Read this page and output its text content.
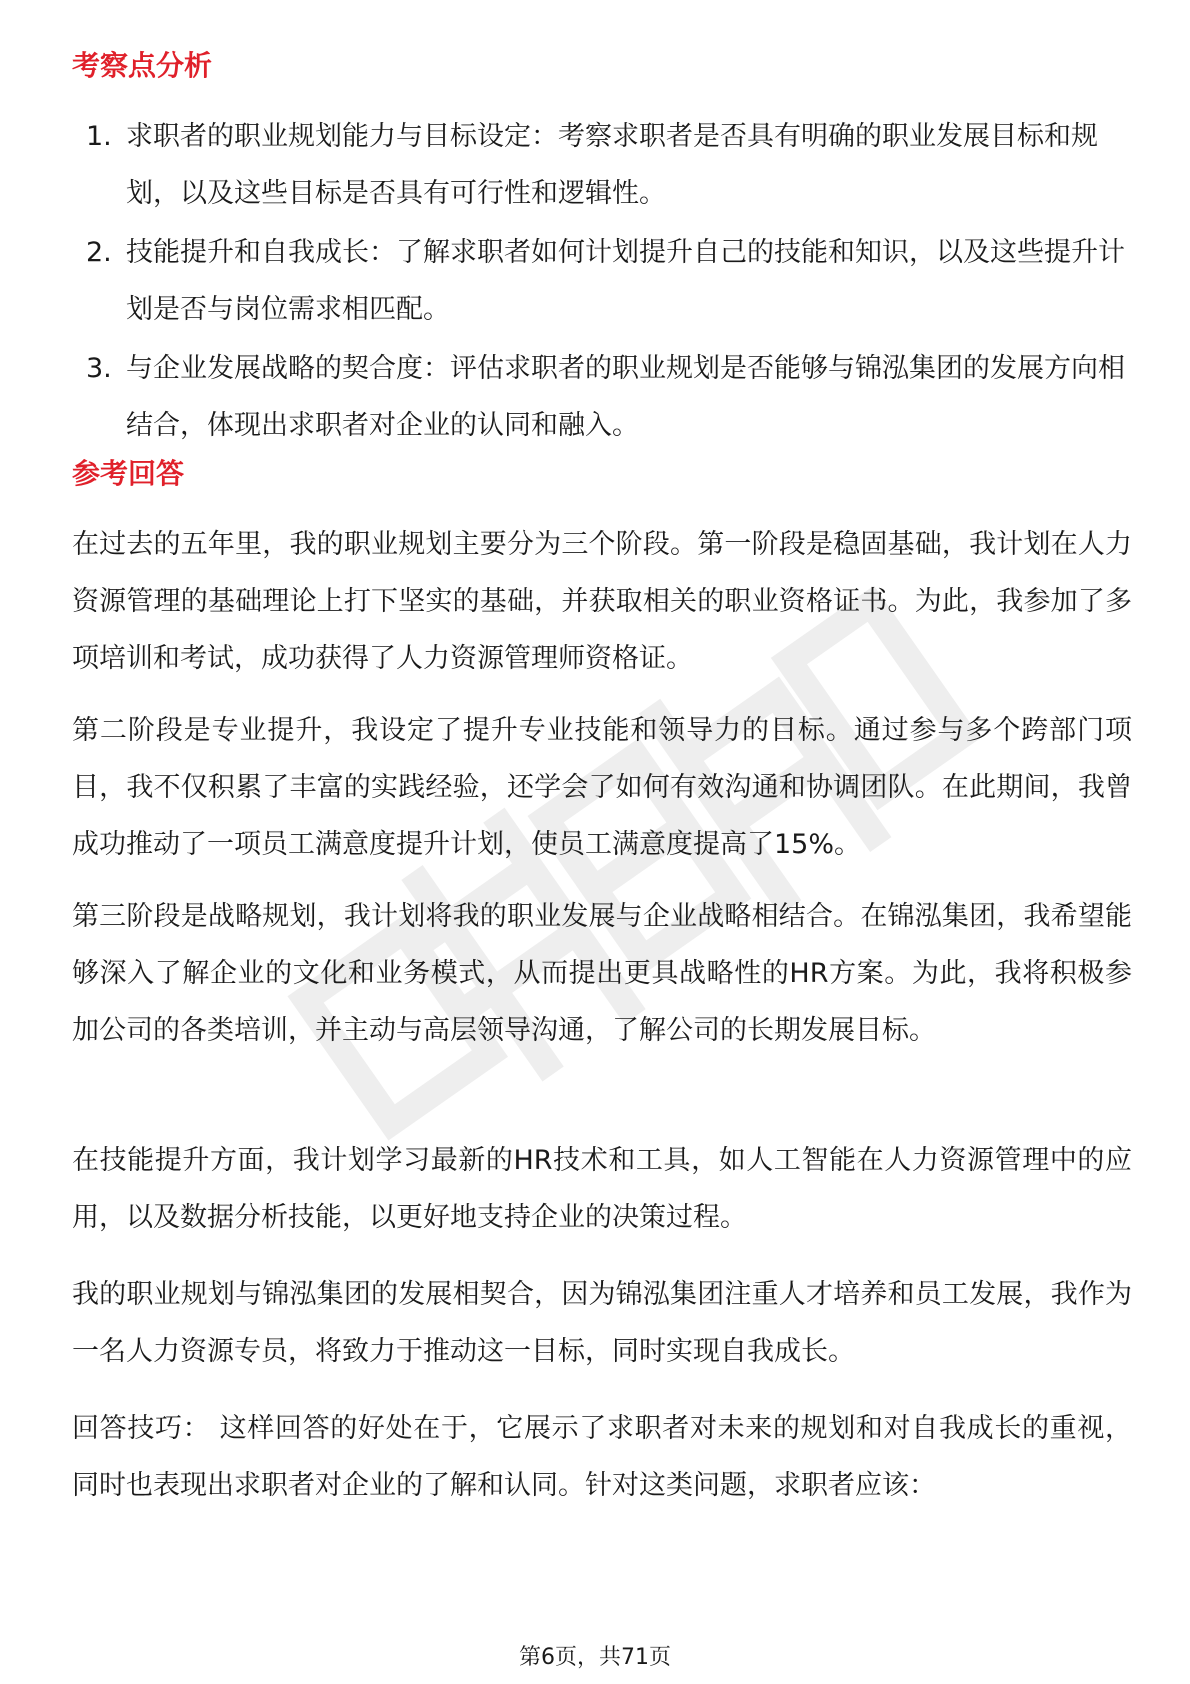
考察点分析
1. 求职者的职业规划能力与目标设定：考察求职者是否具有明确的职业发展目标和规划，以及这些目标是否具有可行性和逻辑性。
2. 技能提升和自我成长：了解求职者如何计划提升自己的技能和知识，以及这些提升计划是否与岗位需求相匹配。
3. 与企业发展战略的契合度：评估求职者的职业规划是否能够与锦泓集团的发展方向相结合，体现出求职者对企业的认同和融入。
参考回答

在过去的五年里，我的职业规划主要分为三个阶段。第一阶段是稳固基础，我计划在人力资源管理的基础理论上打下坚实的基础，并获取相关的职业资格证书。为此，我参加了多项培训和考试，成功获得了人力资源管理师资格证。

第二阶段是专业提升，我设定了提升专业技能和领导力的目标。通过参与多个跨部门项目，我不仅积累了丰富的实践经验，还学会了如何有效沟通和协调团队。在此期间，我曾成功推动了一项员工满意度提升计划，使员工满意度提高了15%。

第三阶段是战略规划，我计划将我的职业发展与企业战略相结合。在锦泓集团，我希望能够深入了解企业的文化和业务模式，从而提出更具战略性的HR方案。为此，我将积极参加公司的各类培训，并主动与高层领导沟通，了解公司的长期发展目标。

在技能提升方面，我计划学习最新的HR技术和工具，如人工智能在人力资源管理中的应用，以及数据分析技能，以更好地支持企业的决策过程。

我的职业规划与锦泓集团的发展相契合，因为锦泓集团注重人才培养和员工发展，我作为一名人力资源专员，将致力于推动这一目标，同时实现自我成长。

回答技巧： 这样回答的好处在于，它展示了求职者对未来的规划和对自我成长的重视，同时也表现出求职者对企业的了解和认同。针对这类问题，求职者应该：

第6页，共71页
